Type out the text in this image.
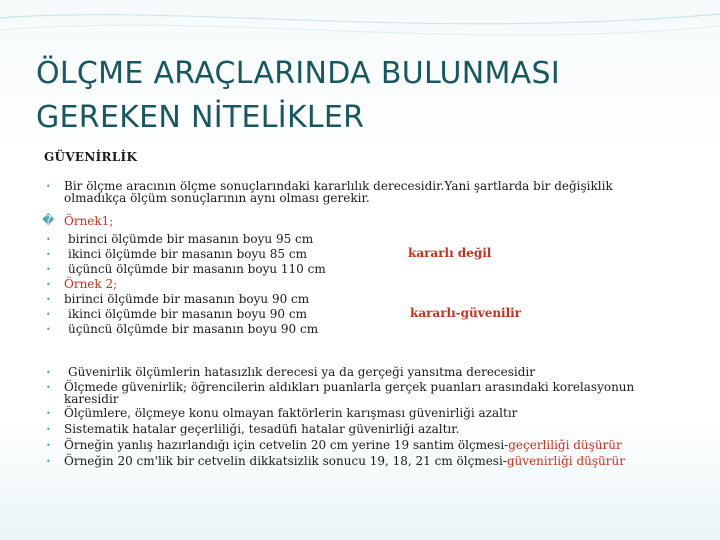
ÖLÇME ARAÇLARINDA BULUNMASI
GEREKEN NİTELİKLER
GÜVENİRLİK
• Bir ölçme aracının ölçme sonuçlarındaki kararlılık derecesidir.Yani şartlarda bir değişiklik
olmadıkça ölçüm sonuçlarının aynı olması gerekir.
� Örnek1;
• birinci ölçümde bir masanın boyu 95 cm
• ikinci ölçümde bir masanın boyu 85 cm
• üçüncü ölçümde bir masanın boyu 110 cm
kararlı değil
• Örnek 2;
• birinci ölçümde bir masanın boyu 90 cm
• ikinci ölçümde bir masanın boyu 90 cm
• üçüncü ölçümde bir masanın boyu 90 cm
kararlı-güvenilir
• Güvenirlik ölçümlerin hatasızlık derecesi ya da gerçeği yansıtma derecesidir
• Ölçmede güvenirlik; öğrencilerin aldıkları puanlarla gerçek puanları arasındaki korelasyonun
karesidir
• Ölçümlere, ölçmeye konu olmayan faktörlerin karışması güvenirliği azaltır
• Sistematik hatalar geçerliliği, tesadüfi hatalar güvenirliği azaltır.
• Örneğin yanlış hazırlandığı için cetvelin 20 cm yerine 19 santim ölçmesi-geçerliliği düşürür
• Örneğin 20 cm'lik bir cetvelin dikkatsizlik sonucu 19, 18, 21 cm ölçmesi-güvenirliği düşürür
